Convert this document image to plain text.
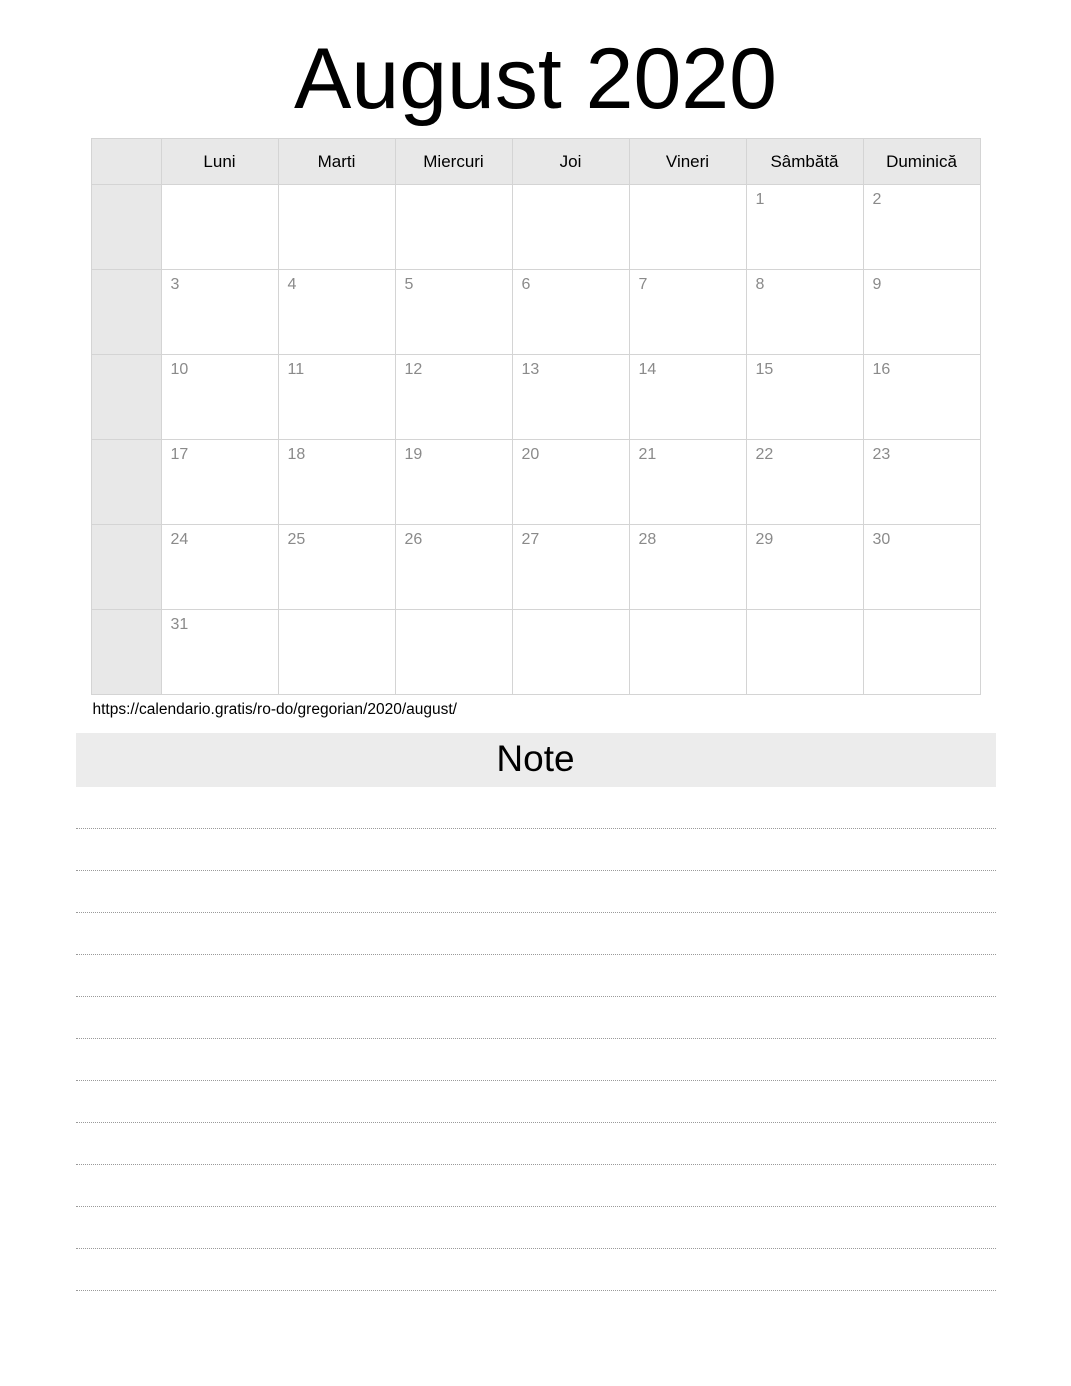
August 2020
	Luni	Marti	Miercuri	Joi	Vineri	Sâmbătă	Duminică

						1	2

	3	4	5	6	7	8	9

	10	11	12	13	14	15	16

	17	18	19	20	21	22	23

	24	25	26	27	28	29	30

	31						

https://calendario.gratis/ro-do/gregorian/2020/august/
Note
